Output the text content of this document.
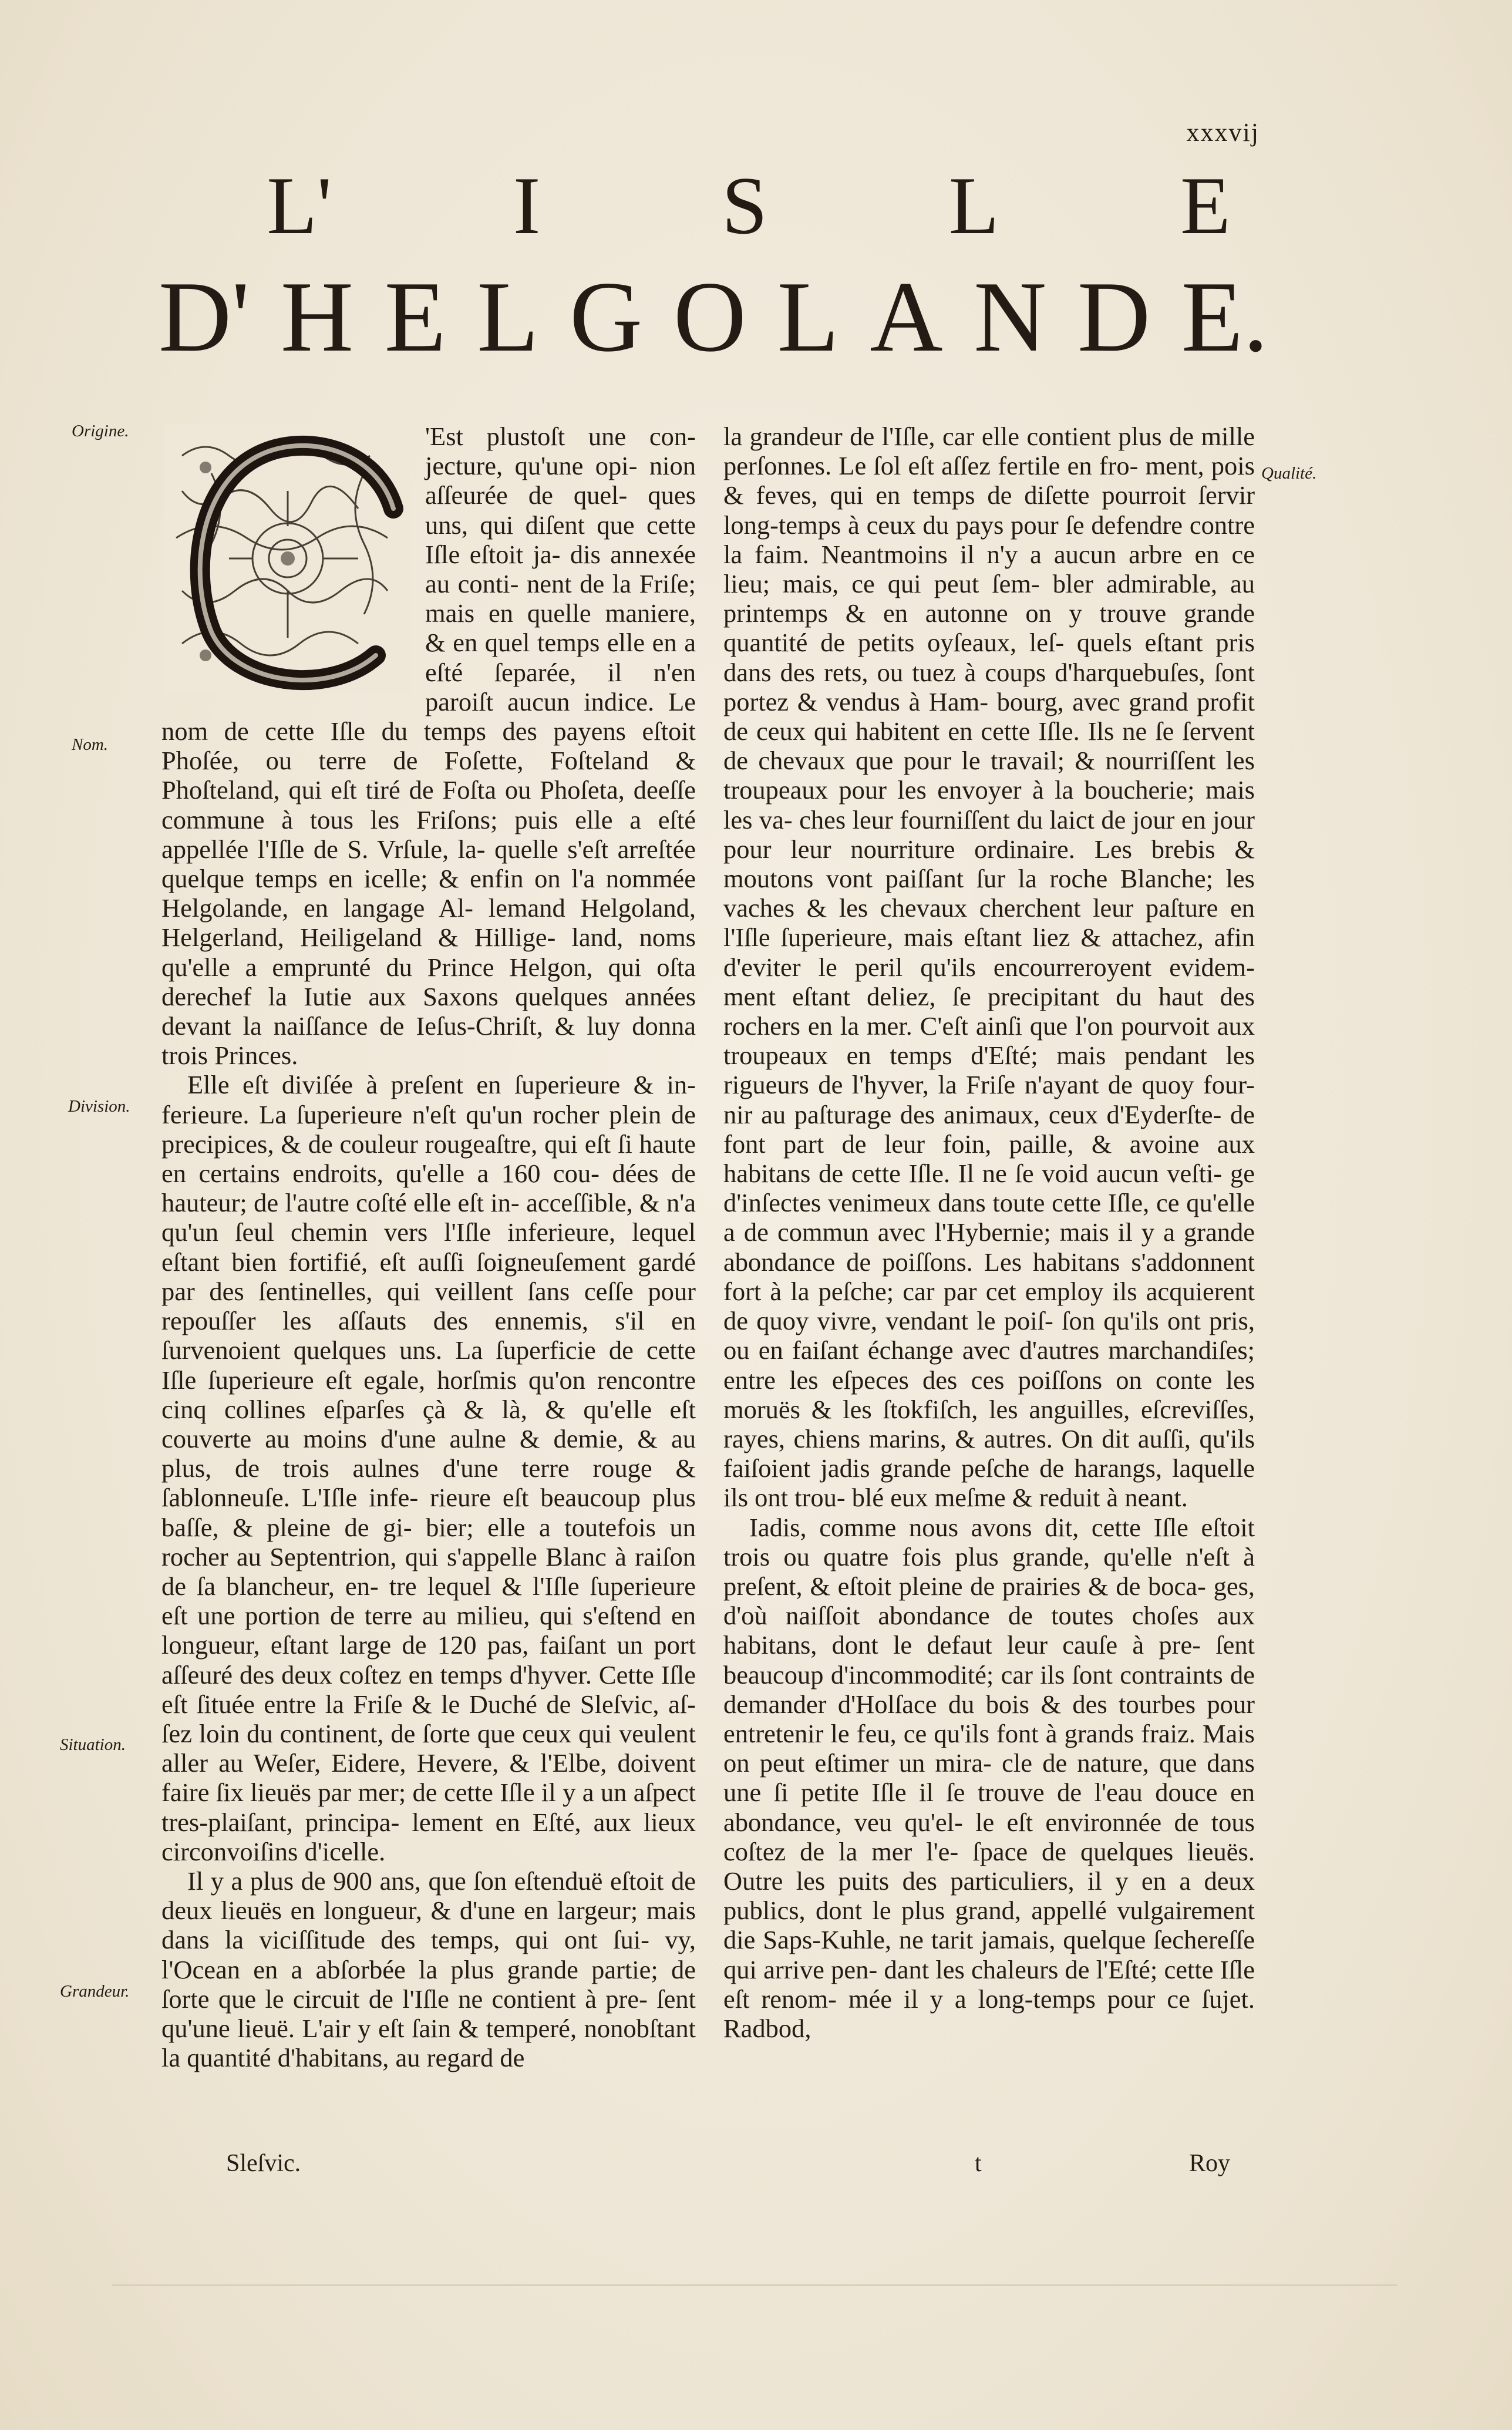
xxxvij
L' I S L E
D' H E L G O L A N D E.
Origine.
Nom.
Division.
Situation.
Grandeur.
Qualité.
C

'Est plustoſt une con- jecture, qu'une opi- nion aſſeurée de quel- ques uns, qui diſent que cette Iſle eſtoit ja- dis annexée au conti- nent de la Friſe; mais en quelle maniere, & en quel temps elle en a eſté ſeparée, il n'en paroiſt aucun indice. Le nom de cette Iſle du temps des payens eſtoit Phoſée, ou terre de Foſette, Foſteland & Phoſteland, qui eſt tiré de Foſta ou Phoſeta, deeſſe commune à tous les Friſons; puis elle a eſté appellée l'Iſle de S. Vrſule, la- quelle s'eſt arreſtée quelque temps en icelle; & enfin on l'a nommée Helgolande, en langage Al- lemand Helgoland, Helgerland, Heiligeland & Hillige- land, noms qu'elle a emprunté du Prince Helgon, qui oſta derechef la Iutie aux Saxons quelques années devant la naiſſance de Ieſus-Chriſt, & luy donna trois Princes.

Elle eſt diviſée à preſent en ſuperieure & in- ferieure. La ſuperieure n'eſt qu'un rocher plein de precipices, & de couleur rougeaſtre, qui eſt ſi haute en certains endroits, qu'elle a 160 cou- dées de hauteur; de l'autre coſté elle eſt in- acceſſible, & n'a qu'un ſeul chemin vers l'Iſle inferieure, lequel eſtant bien fortifié, eſt auſſi ſoigneuſement gardé par des ſentinelles, qui veillent ſans ceſſe pour repouſſer les aſſauts des ennemis, s'il en ſurvenoient quelques uns. La ſuperficie de cette Iſle ſuperieure eſt egale, horſmis qu'on rencontre cinq collines eſparſes çà & là, & qu'elle eſt couverte au moins d'une aulne & demie, & au plus, de trois aulnes d'une terre rouge & ſablonneuſe. L'Iſle infe- rieure eſt beaucoup plus baſſe, & pleine de gi- bier; elle a toutefois un rocher au Septentrion, qui s'appelle Blanc à raiſon de ſa blancheur, en- tre lequel & l'Iſle ſuperieure eſt une portion de terre au milieu, qui s'eſtend en longueur, eſtant large de 120 pas, faiſant un port aſſeuré des deux coſtez en temps d'hyver. Cette Iſle eſt ſituée entre la Friſe & le Duché de Sleſvic, aſ- ſez loin du continent, de ſorte que ceux qui veulent aller au Weſer, Eidere, Hevere, & l'Elbe, doivent faire ſix lieuës par mer; de cette Iſle il y a un aſpect tres-plaiſant, principa- lement en Eſté, aux lieux circonvoiſins d'icelle.

Il y a plus de 900 ans, que ſon eſtenduë eſtoit de deux lieuës en longueur, & d'une en largeur; mais dans la viciſſitude des temps, qui ont ſui- vy, l'Ocean en a abſorbée la plus grande partie; de ſorte que le circuit de l'Iſle ne contient à pre- ſent qu'une lieuë. L'air y eſt ſain & temperé, nonobſtant la quantité d'habitans, au regard de

la grandeur de l'Iſle, car elle contient plus de mille perſonnes. Le ſol eſt aſſez fertile en fro- ment, pois & feves, qui en temps de diſette pourroit ſervir long-temps à ceux du pays pour ſe defendre contre la faim. Neantmoins il n'y a aucun arbre en ce lieu; mais, ce qui peut ſem- bler admirable, au printemps & en autonne on y trouve grande quantité de petits oyſeaux, leſ- quels eſtant pris dans des rets, ou tuez à coups d'harquebuſes, ſont portez & vendus à Ham- bourg, avec grand profit de ceux qui habitent en cette Iſle. Ils ne ſe ſervent de chevaux que pour le travail; & nourriſſent les troupeaux pour les envoyer à la boucherie; mais les va- ches leur fourniſſent du laict de jour en jour pour leur nourriture ordinaire. Les brebis & moutons vont paiſſant ſur la roche Blanche; les vaches & les chevaux cherchent leur paſture en l'Iſle ſuperieure, mais eſtant liez & attachez, afin d'eviter le peril qu'ils encourreroyent evidem- ment eſtant deliez, ſe precipitant du haut des rochers en la mer. C'eſt ainſi que l'on pourvoit aux troupeaux en temps d'Eſté; mais pendant les rigueurs de l'hyver, la Friſe n'ayant de quoy four- nir au paſturage des animaux, ceux d'Eyderſte- de font part de leur foin, paille, & avoine aux habitans de cette Iſle. Il ne ſe void aucun veſti- ge d'inſectes venimeux dans toute cette Iſle, ce qu'elle a de commun avec l'Hybernie; mais il y a grande abondance de poiſſons. Les habitans s'addonnent fort à la peſche; car par cet employ ils acquierent de quoy vivre, vendant le poiſ- ſon qu'ils ont pris, ou en faiſant échange avec d'autres marchandiſes; entre les eſpeces des ces poiſſons on conte les moruës & les ſtokfiſch, les anguilles, eſcreviſſes, rayes, chiens marins, & autres. On dit auſſi, qu'ils faiſoient jadis grande peſche de harangs, laquelle ils ont trou- blé eux meſme & reduit à neant.

Iadis, comme nous avons dit, cette Iſle eſtoit trois ou quatre fois plus grande, qu'elle n'eſt à preſent, & eſtoit pleine de prairies & de boca- ges, d'où naiſſoit abondance de toutes choſes aux habitans, dont le defaut leur cauſe à pre- ſent beaucoup d'incommodité; car ils ſont contraints de demander d'Holſace du bois & des tourbes pour entretenir le feu, ce qu'ils font à grands fraiz. Mais on peut eſtimer un mira- cle de nature, que dans une ſi petite Iſle il ſe trouve de l'eau douce en abondance, veu qu'el- le eſt environnée de tous coſtez de la mer l'e- ſpace de quelques lieuës. Outre les puits des particuliers, il y en a deux publics, dont le plus grand, appellé vulgairement die Saps-Kuhle, ne tarit jamais, quelque ſechereſſe qui arrive pen- dant les chaleurs de l'Eſté; cette Iſle eſt renom- mée il y a long-temps pour ce ſujet. Radbod,

Sleſvic.	t	Roy
